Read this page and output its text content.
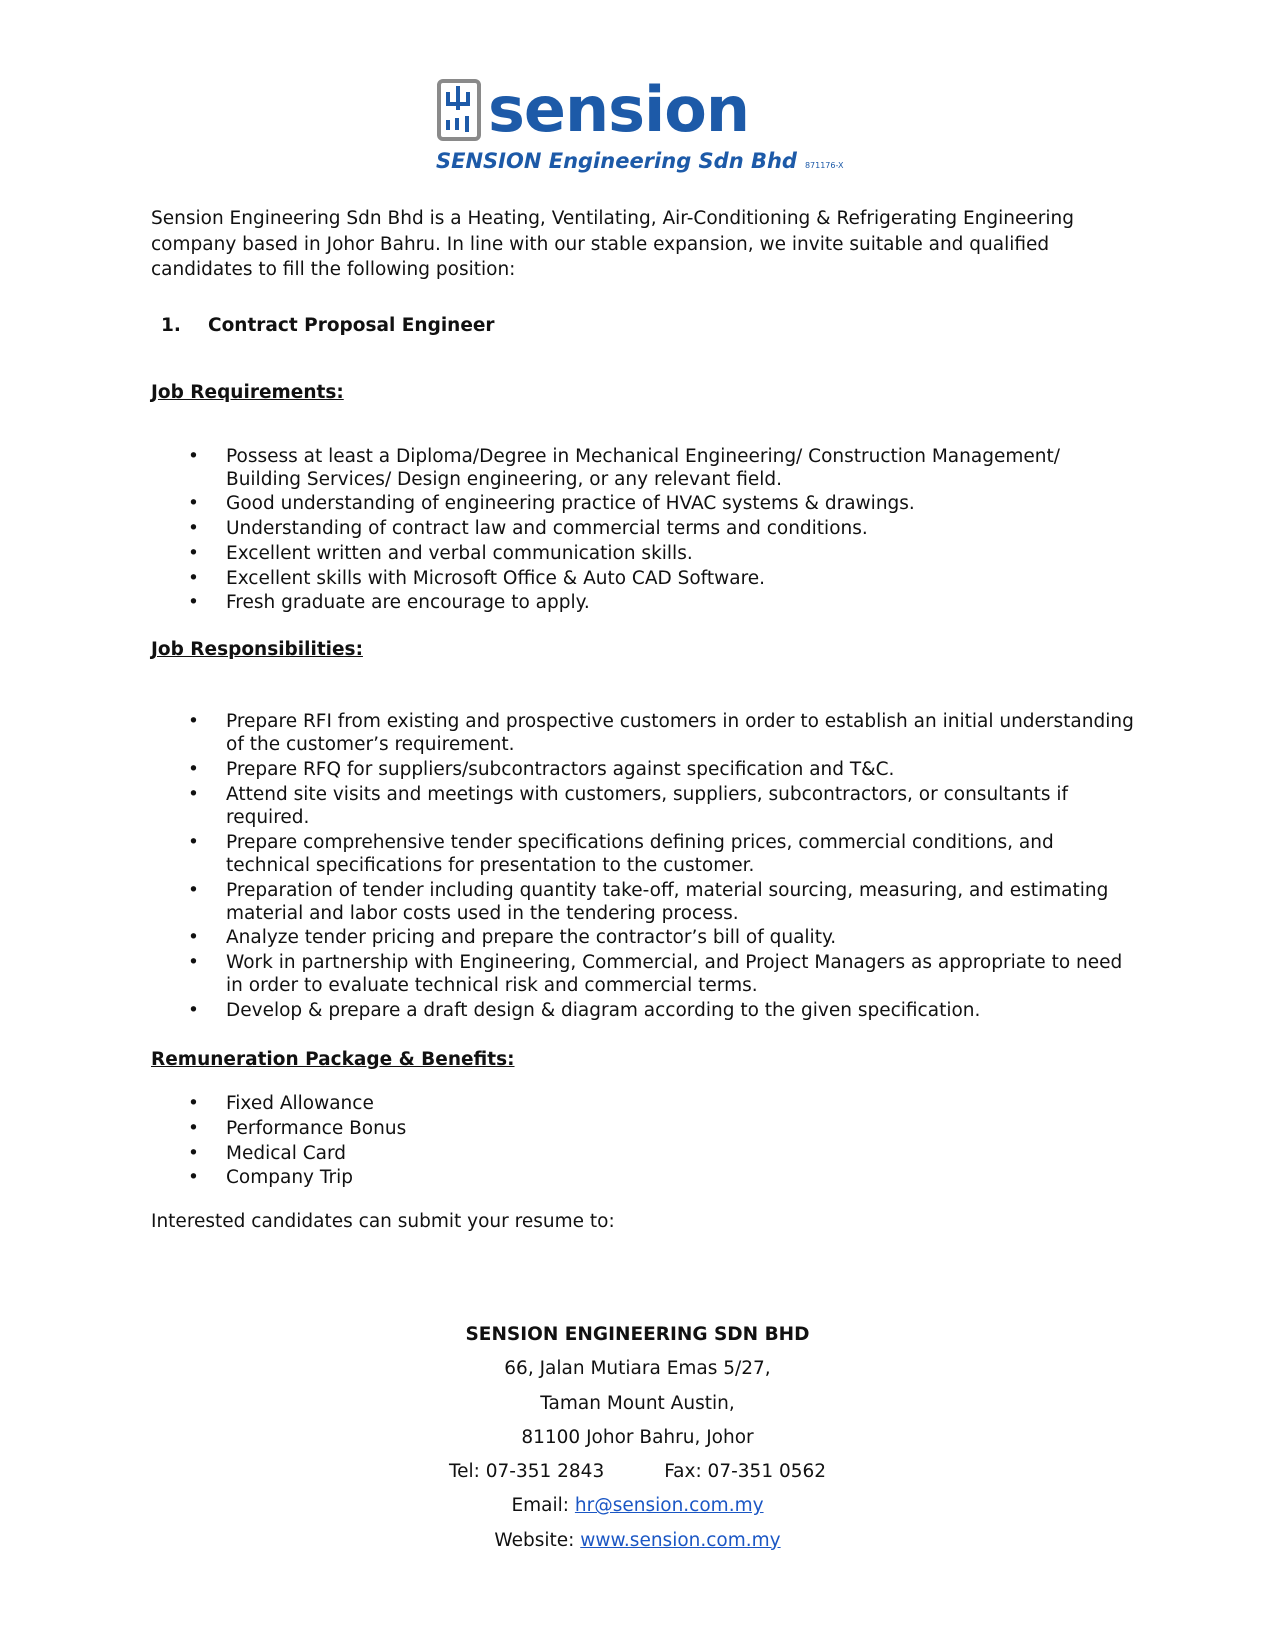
sension
SENSION Engineering Sdn Bhd 871176-X

Sension Engineering Sdn Bhd is a Heating, Ventilating, Air-Conditioning & Refrigerating Engineering company based in Johor Bahru. In line with our stable expansion, we invite suitable and qualified candidates to fill the following position:

1.	Contract Proposal Engineer
Job Requirements:
• Possess at least a Diploma/Degree in Mechanical Engineering/ Construction Management/ Building Services/ Design engineering, or any relevant field.
• Good understanding of engineering practice of HVAC systems & drawings.
• Understanding of contract law and commercial terms and conditions.
• Excellent written and verbal communication skills.
• Excellent skills with Microsoft Office & Auto CAD Software.
• Fresh graduate are encourage to apply.
Job Responsibilities:
• Prepare RFI from existing and prospective customers in order to establish an initial understanding of the customer’s requirement.
• Prepare RFQ for suppliers/subcontractors against specification and T&C.
• Attend site visits and meetings with customers, suppliers, subcontractors, or consultants if required.
• Prepare comprehensive tender specifications defining prices, commercial conditions, and technical specifications for presentation to the customer.
• Preparation of tender including quantity take-off, material sourcing, measuring, and estimating material and labor costs used in the tendering process.
• Analyze tender pricing and prepare the contractor’s bill of quality.
• Work in partnership with Engineering, Commercial, and Project Managers as appropriate to need in order to evaluate technical risk and commercial terms.
• Develop & prepare a draft design & diagram according to the given specification.
Remuneration Package & Benefits:
• Fixed Allowance
• Performance Bonus
• Medical Card
• Company Trip

Interested candidates can submit your resume to:

SENSION ENGINEERING SDN BHD
66, Jalan Mutiara Emas 5/27,
Taman Mount Austin,
81100 Johor Bahru, Johor
Tel: 07-351 2843	Fax: 07-351 0562
Email: hr@sension.com.my
Website: www.sension.com.my
